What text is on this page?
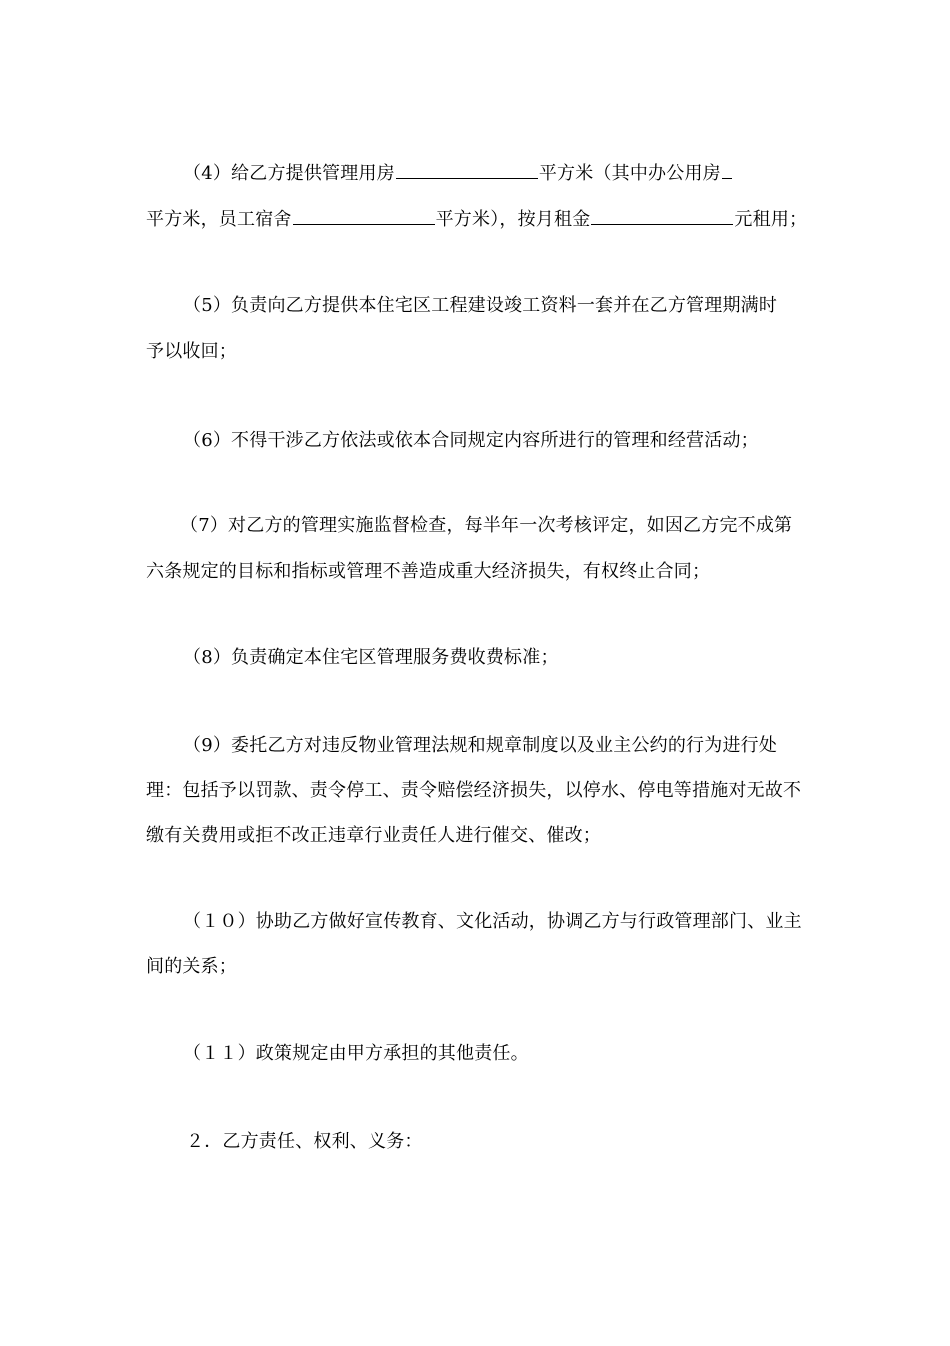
（4）给乙方提供管理用房	平方米（其中办公用房
平方米，员工宿舍	平方米），按月租金	元租用；
（5）负责向乙方提供本住宅区工程建设竣工资料一套并在乙方管理期满时
予以收回；
（6）不得干涉乙方依法或依本合同规定内容所进行的管理和经营活动；
（7）对乙方的管理实施监督检查，每半年一次考核评定，如因乙方完不成第
六条规定的目标和指标或管理不善造成重大经济损失，有权终止合同；
（8）负责确定本住宅区管理服务费收费标准；
（9）委托乙方对违反物业管理法规和规章制度以及业主公约的行为进行处
理：包括予以罚款、责令停工、责令赔偿经济损失，以停水、停电等措施对无故不
缴有关费用或拒不改正违章行业责任人进行催交、催改；
（１０）协助乙方做好宣传教育、文化活动，协调乙方与行政管理部门、业主
间的关系；
（１１）政策规定由甲方承担的其他责任。
２．乙方责任、权利、义务：
